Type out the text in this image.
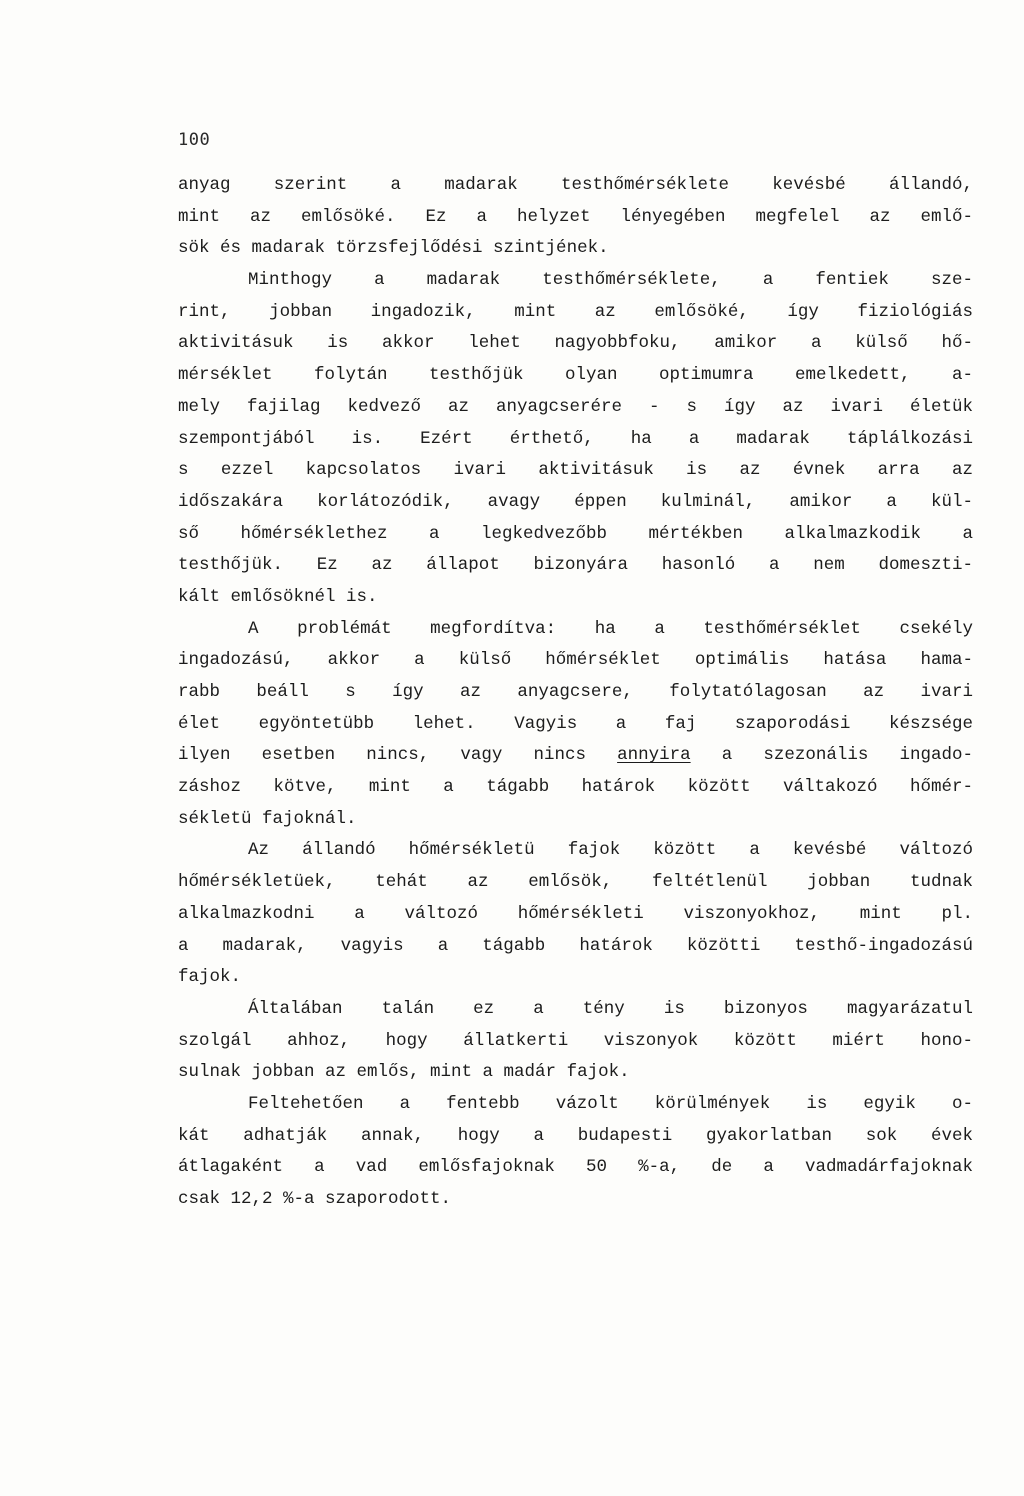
100
anyag szerint a madarak testhőmérséklete kevésbé állandó,
mint az emlősöké. Ez a helyzet lényegében megfelel az emlő-
sök és madarak törzsfejlődési szintjének.
Minthogy a madarak testhőmérséklete, a fentiek sze-
rint, jobban ingadozik, mint az emlősöké, így fiziológiás
aktivitásuk is akkor lehet nagyobbfoku, amikor a külső hő-
mérséklet folytán testhőjük olyan optimumra emelkedett, a-
mely fajilag kedvező az anyagcserére - s így az ivari életük
szempontjából is. Ezért érthető, ha a madarak táplálkozási
s ezzel kapcsolatos ivari aktivitásuk is az évnek arra az
időszakára korlátozódik, avagy éppen kulminál, amikor a kül-
ső hőmérséklethez a legkedvezőbb mértékben alkalmazkodik a
testhőjük. Ez az állapot bizonyára hasonló a nem domeszti-
kált emlősöknél is.
A problémát megfordítva: ha a testhőmérséklet csekély
ingadozású, akkor a külső hőmérséklet optimális hatása hama-
rabb beáll s így az anyagcsere, folytatólagosan az ivari
élet egyöntetübb lehet. Vagyis a faj szaporodási készsége
ilyen esetben nincs, vagy nincs annyira a szezonális ingado-
záshoz kötve, mint a tágabb határok között váltakozó hőmér-
sékletü fajoknál.
Az állandó hőmérsékletü fajok között a kevésbé változó
hőmérsékletüek, tehát az emlősök, feltétlenül jobban tudnak
alkalmazkodni a változó hőmérsékleti viszonyokhoz, mint pl.
a madarak, vagyis a tágabb határok közötti testhő-ingadozású
fajok.
Általában talán ez a tény is bizonyos magyarázatul
szolgál ahhoz, hogy állatkerti viszonyok között miért hono-
sulnak jobban az emlős, mint a madár fajok.
Feltehetően a fentebb vázolt körülmények is egyik o-
kát adhatják annak, hogy a budapesti gyakorlatban sok évek
átlagaként a vad emlősfajoknak 50 %-a, de a vadmadárfajoknak
csak 12,2 %-a szaporodott.
